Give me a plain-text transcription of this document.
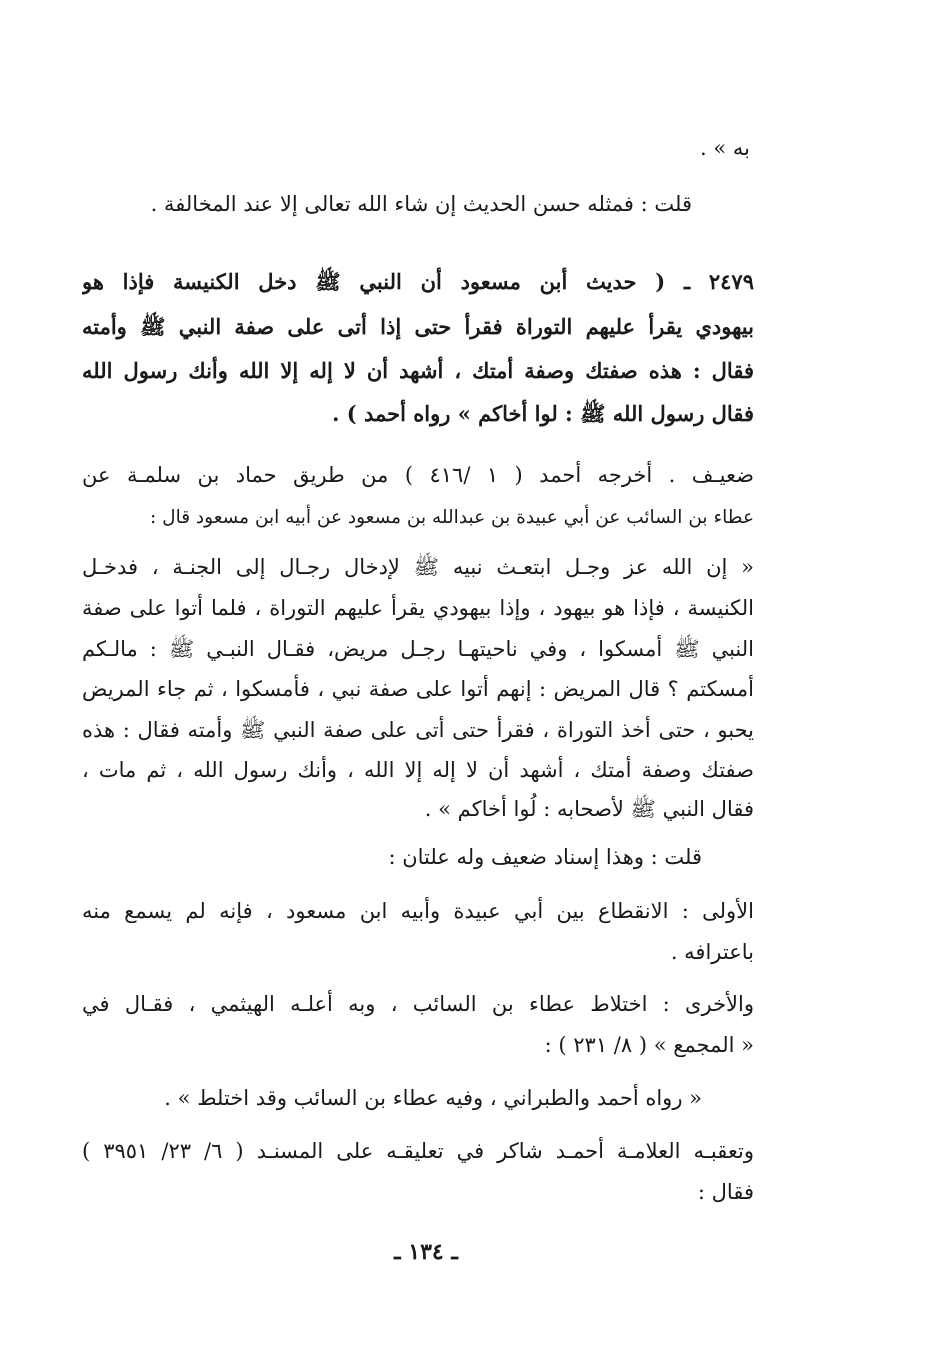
به » .
قلت : فمثله حسن الحديث إن شاء الله تعالى إلا عند المخالفة .
٢٤٧٩ ـ ( حديث أبن مسعود أن النبي ﷺ دخل الكنيسة فإذا هو
بيهودي يقرأ عليهم التوراة فقرأ حتى إذا أتى على صفة النبي ﷺ وأمته
فقال : هذه صفتك وصفة أمتك ، أشهد أن لا إله إلا الله وأنك رسول الله
فقال رسول الله ﷺ : لوا أخاكم » رواه أحمد ) .
ضعيـف . أخرجه أحمد ( ١ /٤١٦ ) من طريق حماد بن سلمـة عن
عطاء بن السائب عن أبي عبيدة بن عبدالله بن مسعود عن أبيه ابن مسعود قال :
« إن الله عز وجـل ابتعـث نبيه ﷺ لإدخال رجـال إلى الجنـة ، فدخـل
الكنيسة ، فإذا هو بيهود ، وإذا بيهودي يقرأ عليهم التوراة ، فلما أتوا على صفة
النبي ﷺ أمسكوا ، وفي ناحيتهـا رجـل مريض، فقـال النبـي ﷺ : مالـكم
أمسكتم ؟ قال المريض : إنهم أتوا على صفة نبي ، فأمسكوا ، ثم جاء المريض
يحبو ، حتى أخذ التوراة ، فقرأ حتى أتى على صفة النبي ﷺ وأمته فقال : هذه
صفتك وصفة أمتك ، أشهد أن لا إله إلا الله ، وأنك رسول الله ، ثم مات ،
فقال النبي ﷺ لأصحابه : لُوا أخاكم » .
قلت : وهذا إسناد ضعيف وله علتان :
الأولى : الانقطاع بين أبي عبيدة وأبيه ابن مسعود ، فإنه لم يسمع منه
باعترافه .
والأخرى : اختلاط عطاء بن السائب ، وبه أعلـه الهيثمي ، فقـال في
« المجمع » ( ٨/ ٢٣١ ) :
« رواه أحمد والطبراني ، وفيه عطاء بن السائب وقد اختلط » .
وتعقبـه العلامـة أحمـد شاكر في تعليقـه على المسنـد ( ٦/ ٢٣/ ٣٩٥١ )
فقال :
ـ ١٣٤ ـ
